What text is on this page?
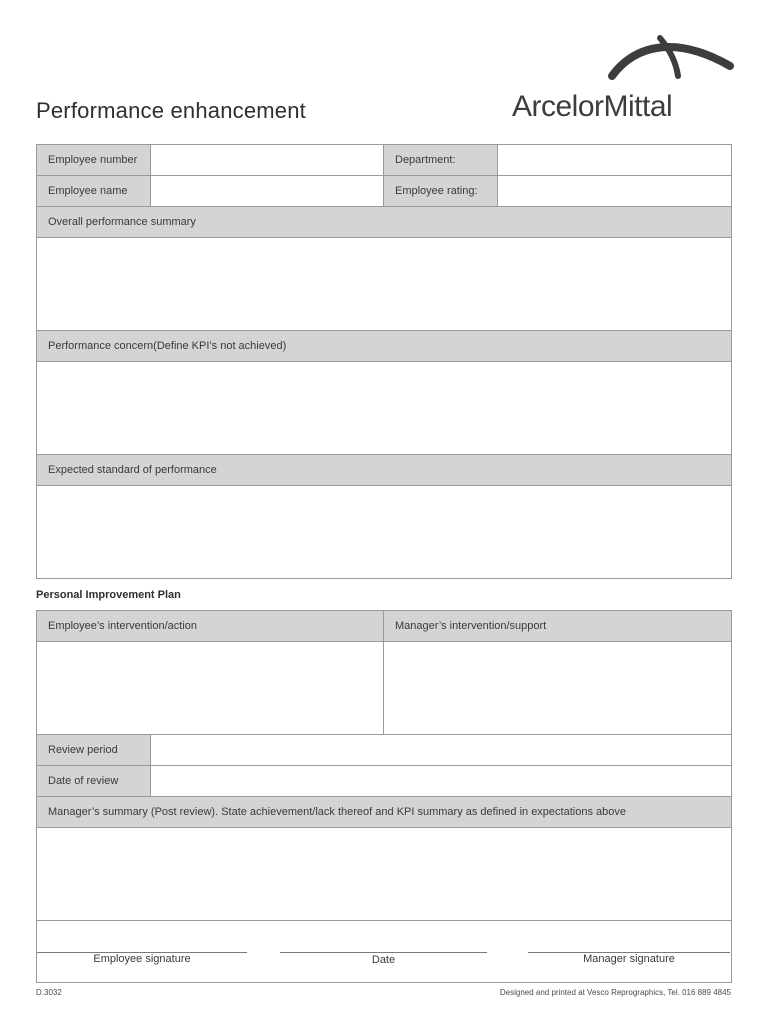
Performance enhancement	ArcelorMittal
Employee number		Department:	
Employee name		Employee rating:	
Overall performance summary			

Performance concern(Define KPI’s not achieved)			

Expected standard of performance			

Personal Improvement Plan
Employee’s intervention/action		Manager’s intervention/support

Review period		
Date of review		
Manager’s summary (Post review). State achievement/lack thereof and KPI summary as defined in expectations above		

Employee signature	Date	Manager signature
D.3032	Designed and printed at Vesco Reprographics, Tel. 016 889 4845
